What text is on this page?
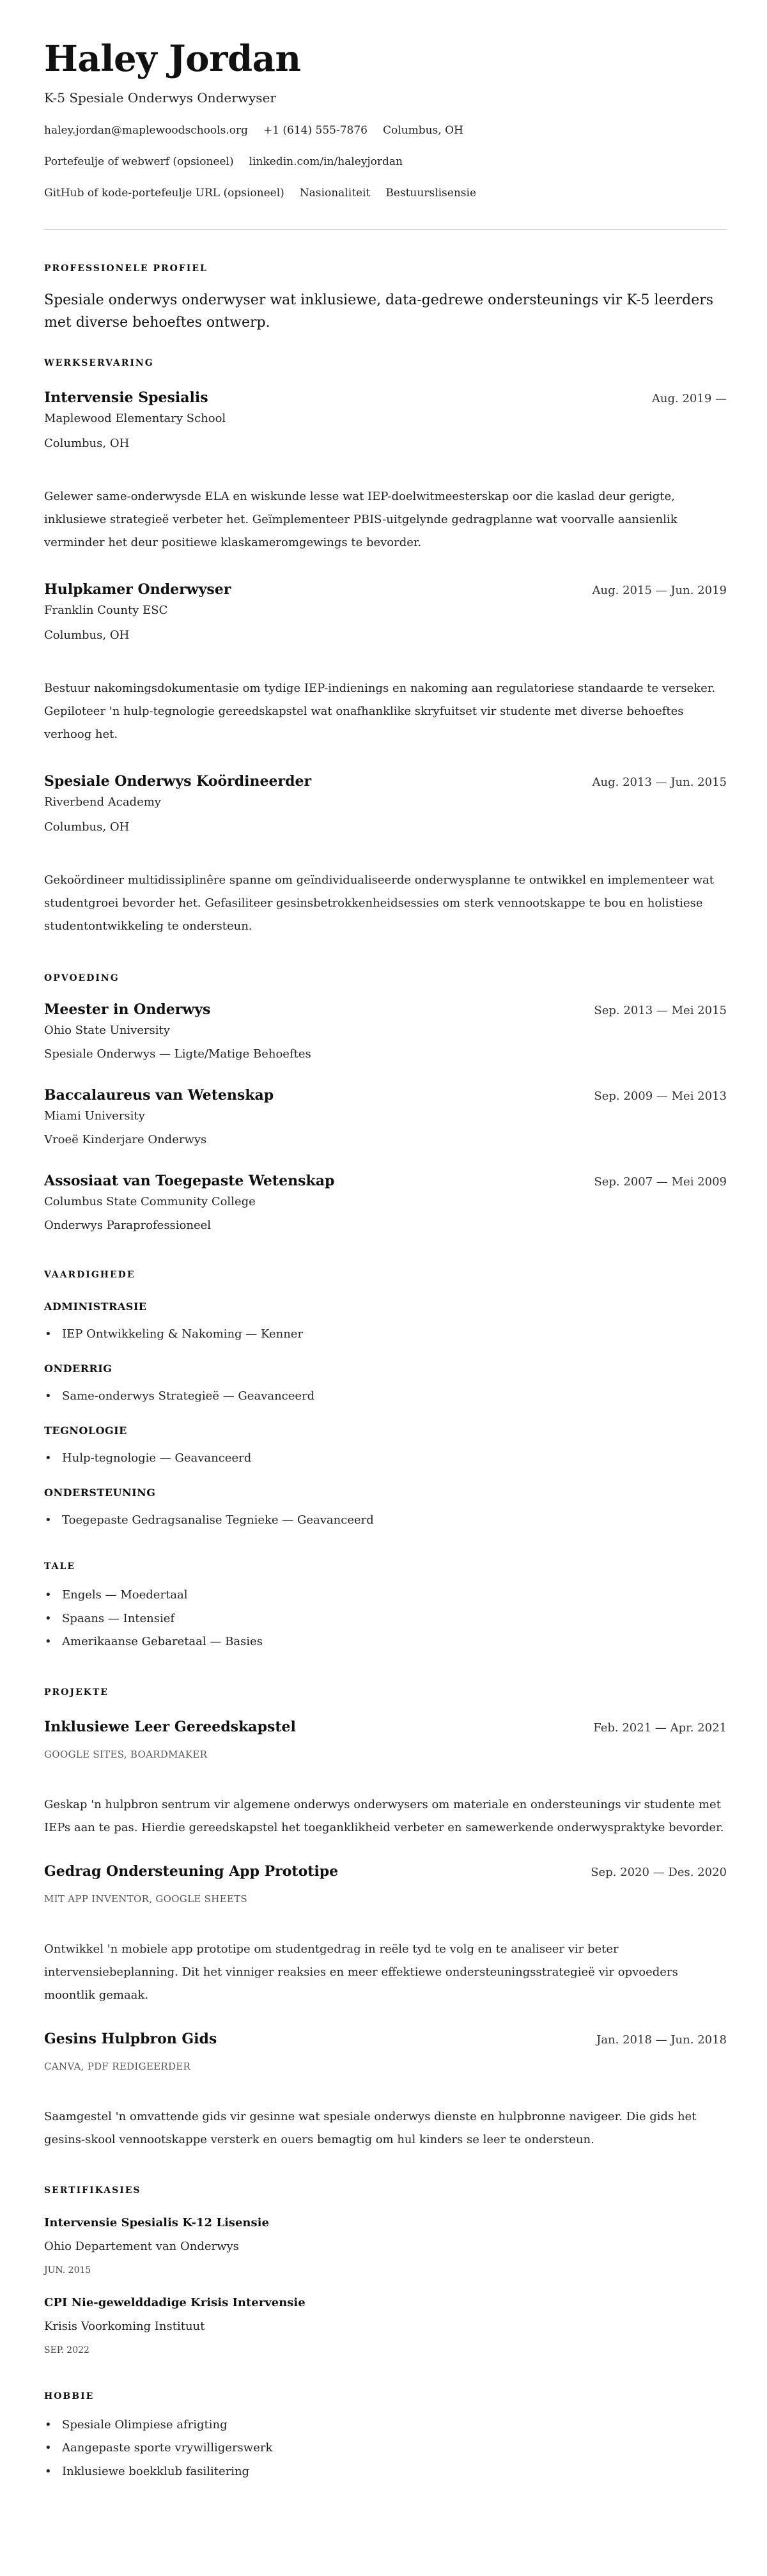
Haley Jordan
K-5 Spesiale Onderwys Onderwyser
haley.jordan@maplewoodschools.org +1 (614) 555-7876 Columbus, OH
Portefeulje of webwerf (opsioneel) linkedin.com/in/haleyjordan
GitHub of kode-portefeulje URL (opsioneel) Nasionaliteit Bestuurslisensie
PROFESSIONELE PROFIEL
Spesiale onderwys onderwyser wat inklusiewe, data-gedrewe ondersteunings vir K-5 leerders met diverse behoeftes ontwerp.
WERKSERVARING
Intervensie Spesialis	Aug. 2019 —
Maplewood Elementary School
Columbus, OH
Gelewer same-onderwysde ELA en wiskunde lesse wat IEP-doelwitmeesterskap oor die kaslad deur gerigte, inklusiewe strategieë verbeter het. Geïmplementeer PBIS-uitgelynde gedragplanne wat voorvalle aansienlik verminder het deur positiewe klaskameromgewings te bevorder.
Hulpkamer Onderwyser	Aug. 2015 — Jun. 2019
Franklin County ESC
Columbus, OH
Bestuur nakomingsdokumentasie om tydige IEP-indienings en nakoming aan regulatoriese standaarde te verseker. Gepiloteer 'n hulp-tegnologie gereedskapstel wat onafhanklike skryfuitset vir studente met diverse behoeftes verhoog het.
Spesiale Onderwys Koördineerder	Aug. 2013 — Jun. 2015
Riverbend Academy
Columbus, OH
Gekoördineer multidissiplinêre spanne om geïndividualiseerde onderwysplanne te ontwikkel en implementeer wat studentgroei bevorder het. Gefasiliteer gesinsbetrokkenheidsessies om sterk vennootskappe te bou en holistiese studentontwikkeling te ondersteun.
OPVOEDING
Meester in Onderwys	Sep. 2013 — Mei 2015
Ohio State University
Spesiale Onderwys — Ligte/Matige Behoeftes
Baccalaureus van Wetenskap	Sep. 2009 — Mei 2013
Miami University
Vroeë Kinderjare Onderwys
Assosiaat van Toegepaste Wetenskap	Sep. 2007 — Mei 2009
Columbus State Community College
Onderwys Paraprofessioneel
VAARDIGHEDE
ADMINISTRASIE
• IEP Ontwikkeling & Nakoming — Kenner
ONDERRIG
• Same-onderwys Strategieë — Geavanceerd
TEGNOLOGIE
• Hulp-tegnologie — Geavanceerd
ONDERSTEUNING
• Toegepaste Gedragsanalise Tegnieke — Geavanceerd
TALE
• Engels — Moedertaal
• Spaans — Intensief
• Amerikaanse Gebaretaal — Basies
PROJEKTE
Inklusiewe Leer Gereedskapstel	Feb. 2021 — Apr. 2021
GOOGLE SITES, BOARDMAKER
Geskap 'n hulpbron sentrum vir algemene onderwys onderwysers om materiale en ondersteunings vir studente met IEPs aan te pas. Hierdie gereedskapstel het toeganklikheid verbeter en samewerkende onderwyspraktyke bevorder.
Gedrag Ondersteuning App Prototipe	Sep. 2020 — Des. 2020
MIT APP INVENTOR, GOOGLE SHEETS
Ontwikkel 'n mobiele app prototipe om studentgedrag in reële tyd te volg en te analiseer vir beter intervensiebeplanning. Dit het vinniger reaksies en meer effektiewe ondersteuningsstrategieë vir opvoeders moontlik gemaak.
Gesins Hulpbron Gids	Jan. 2018 — Jun. 2018
CANVA, PDF REDIGEERDER
Saamgestel 'n omvattende gids vir gesinne wat spesiale onderwys dienste en hulpbronne navigeer. Die gids het gesins-skool vennootskappe versterk en ouers bemagtig om hul kinders se leer te ondersteun.
SERTIFIKASIES
Intervensie Spesialis K-12 Lisensie
Ohio Departement van Onderwys
JUN. 2015
CPI Nie-gewelddadige Krisis Intervensie
Krisis Voorkoming Instituut
SEP. 2022
HOBBIE
• Spesiale Olimpiese afrigting
• Aangepaste sporte vrywilligerswerk
• Inklusiewe boekklub fasilitering
